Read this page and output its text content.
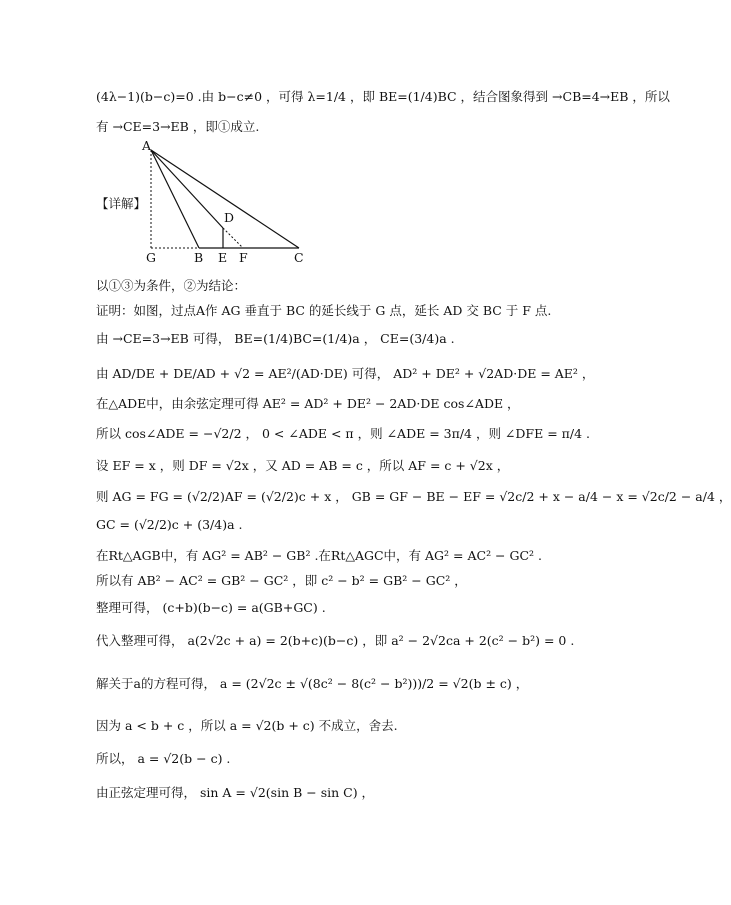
(4λ−1)(b−c)=0 .由 b−c≠0 ，可得 λ=1/4 ，即 BE=(1/4)BC ，结合图象得到 →CB=4→EB ，所以
有 →CE=3→EB ，即①成立.
【详解】
A
D
G	B E F	C
以①③为条件，②为结论：
证明：如图，过点A作 AG 垂直于 BC 的延长线于 G 点，延长 AD 交 BC 于 F 点.
由 →CE=3→EB 可得， BE=(1/4)BC=(1/4)a ， CE=(3/4)a .
由 AD/DE + DE/AD + √2 = AE²/(AD·DE) 可得， AD² + DE² + √2AD·DE = AE² ，
在△ADE中，由余弦定理可得 AE² = AD² + DE² − 2AD·DE cos∠ADE ，
所以 cos∠ADE = −√2/2 ， 0 < ∠ADE < π ，则 ∠ADE = 3π/4 ，则 ∠DFE = π/4 .
设 EF = x ，则 DF = √2x ，又 AD = AB = c ，所以 AF = c + √2x ，
则 AG = FG = (√2/2)AF = (√2/2)c + x ， GB = GF − BE − EF = √2c/2 + x − a/4 − x = √2c/2 − a/4 ，
GC = (√2/2)c + (3/4)a .
在Rt△AGB中，有 AG² = AB² − GB² .在Rt△AGC中，有 AG² = AC² − GC² .
所以有 AB² − AC² = GB² − GC² ，即 c² − b² = GB² − GC² ，
整理可得， (c+b)(b−c) = a(GB+GC) .
代入整理可得， a(2√2c + a) = 2(b+c)(b−c) ，即 a² − 2√2ca + 2(c² − b²) = 0 .
解关于a的方程可得， a = (2√2c ± √(8c² − 8(c² − b²)))/2 = √2(b ± c) ，
因为 a < b + c ，所以 a = √2(b + c) 不成立，舍去.
所以， a = √2(b − c) .
由正弦定理可得， sin A = √2(sin B − sin C) ，
